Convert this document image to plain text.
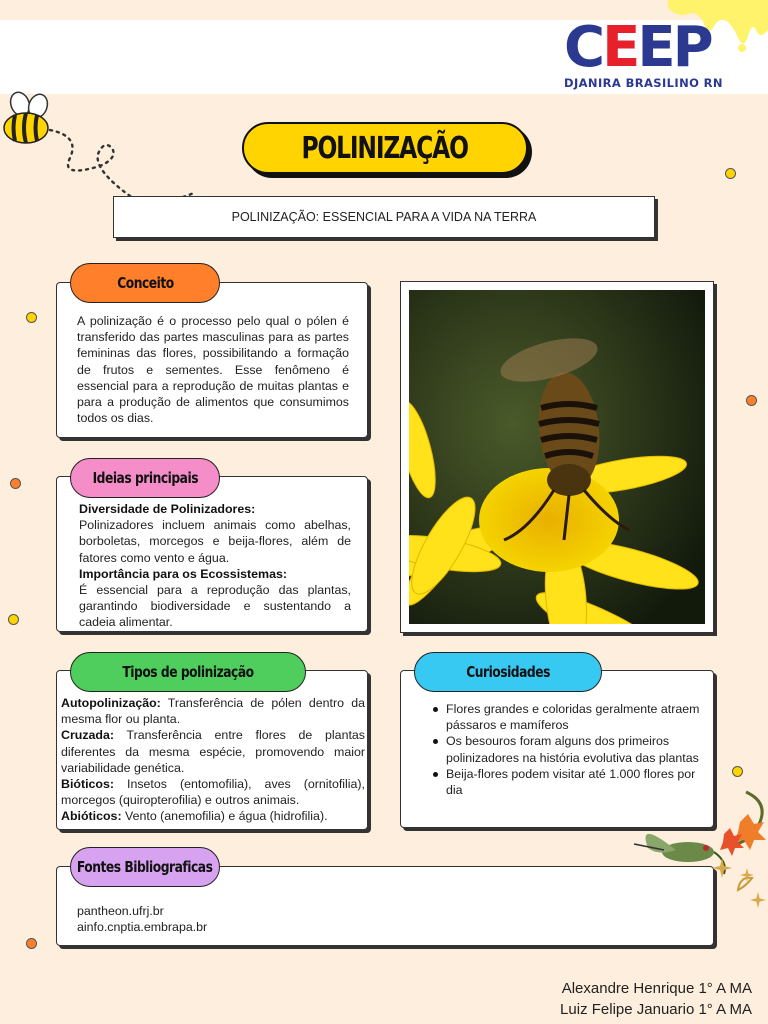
CEEP
DJANIRA BRASILINO RN
POLINIZAÇÃO
POLINIZAÇÃO: ESSENCIAL PARA A VIDA NA TERRA

A polinização é o processo pelo qual o pólen é transferido das partes masculinas para as partes femininas das flores, possibilitando a formação de frutos e sementes. Esse fenômeno é essencial para a reprodução de muitas plantas e para a produção de alimentos que consumimos todos os dias.

Conceito
Diversidade de Polinizadores:
Polinizadores incluem animais como abelhas, borboletas, morcegos e beija-flores, além de fatores como vento e água.
Importância para os Ecossistemas:
É essencial para a reprodução das plantas, garantindo biodiversidade e sustentando a cadeia alimentar.
Ideias principais
Autopolinização: Transferência de pólen dentro da mesma flor ou planta.
Cruzada: Transferência entre flores de plantas diferentes da mesma espécie, promovendo maior variabilidade genética.
Bióticos: Insetos (entomofilia), aves (ornitofilia), morcegos (quiropterofilia) e outros animais.
Abióticos: Vento (anemofilia) e água (hidrofilia).
Tipos de polinização
Flores grandes e coloridas geralmente atraem pássaros e mamíferos
Os besouros foram alguns dos primeiros polinizadores na história evolutiva das plantas
Beija-flores podem visitar até 1.000 flores por dia
Curiosidades
pantheon.ufrj.br
ainfo.cnptia.embrapa.br
Fontes Bibliograficas
Alexandre Henrique 1° A MA
Luiz Felipe Januario 1° A MA
